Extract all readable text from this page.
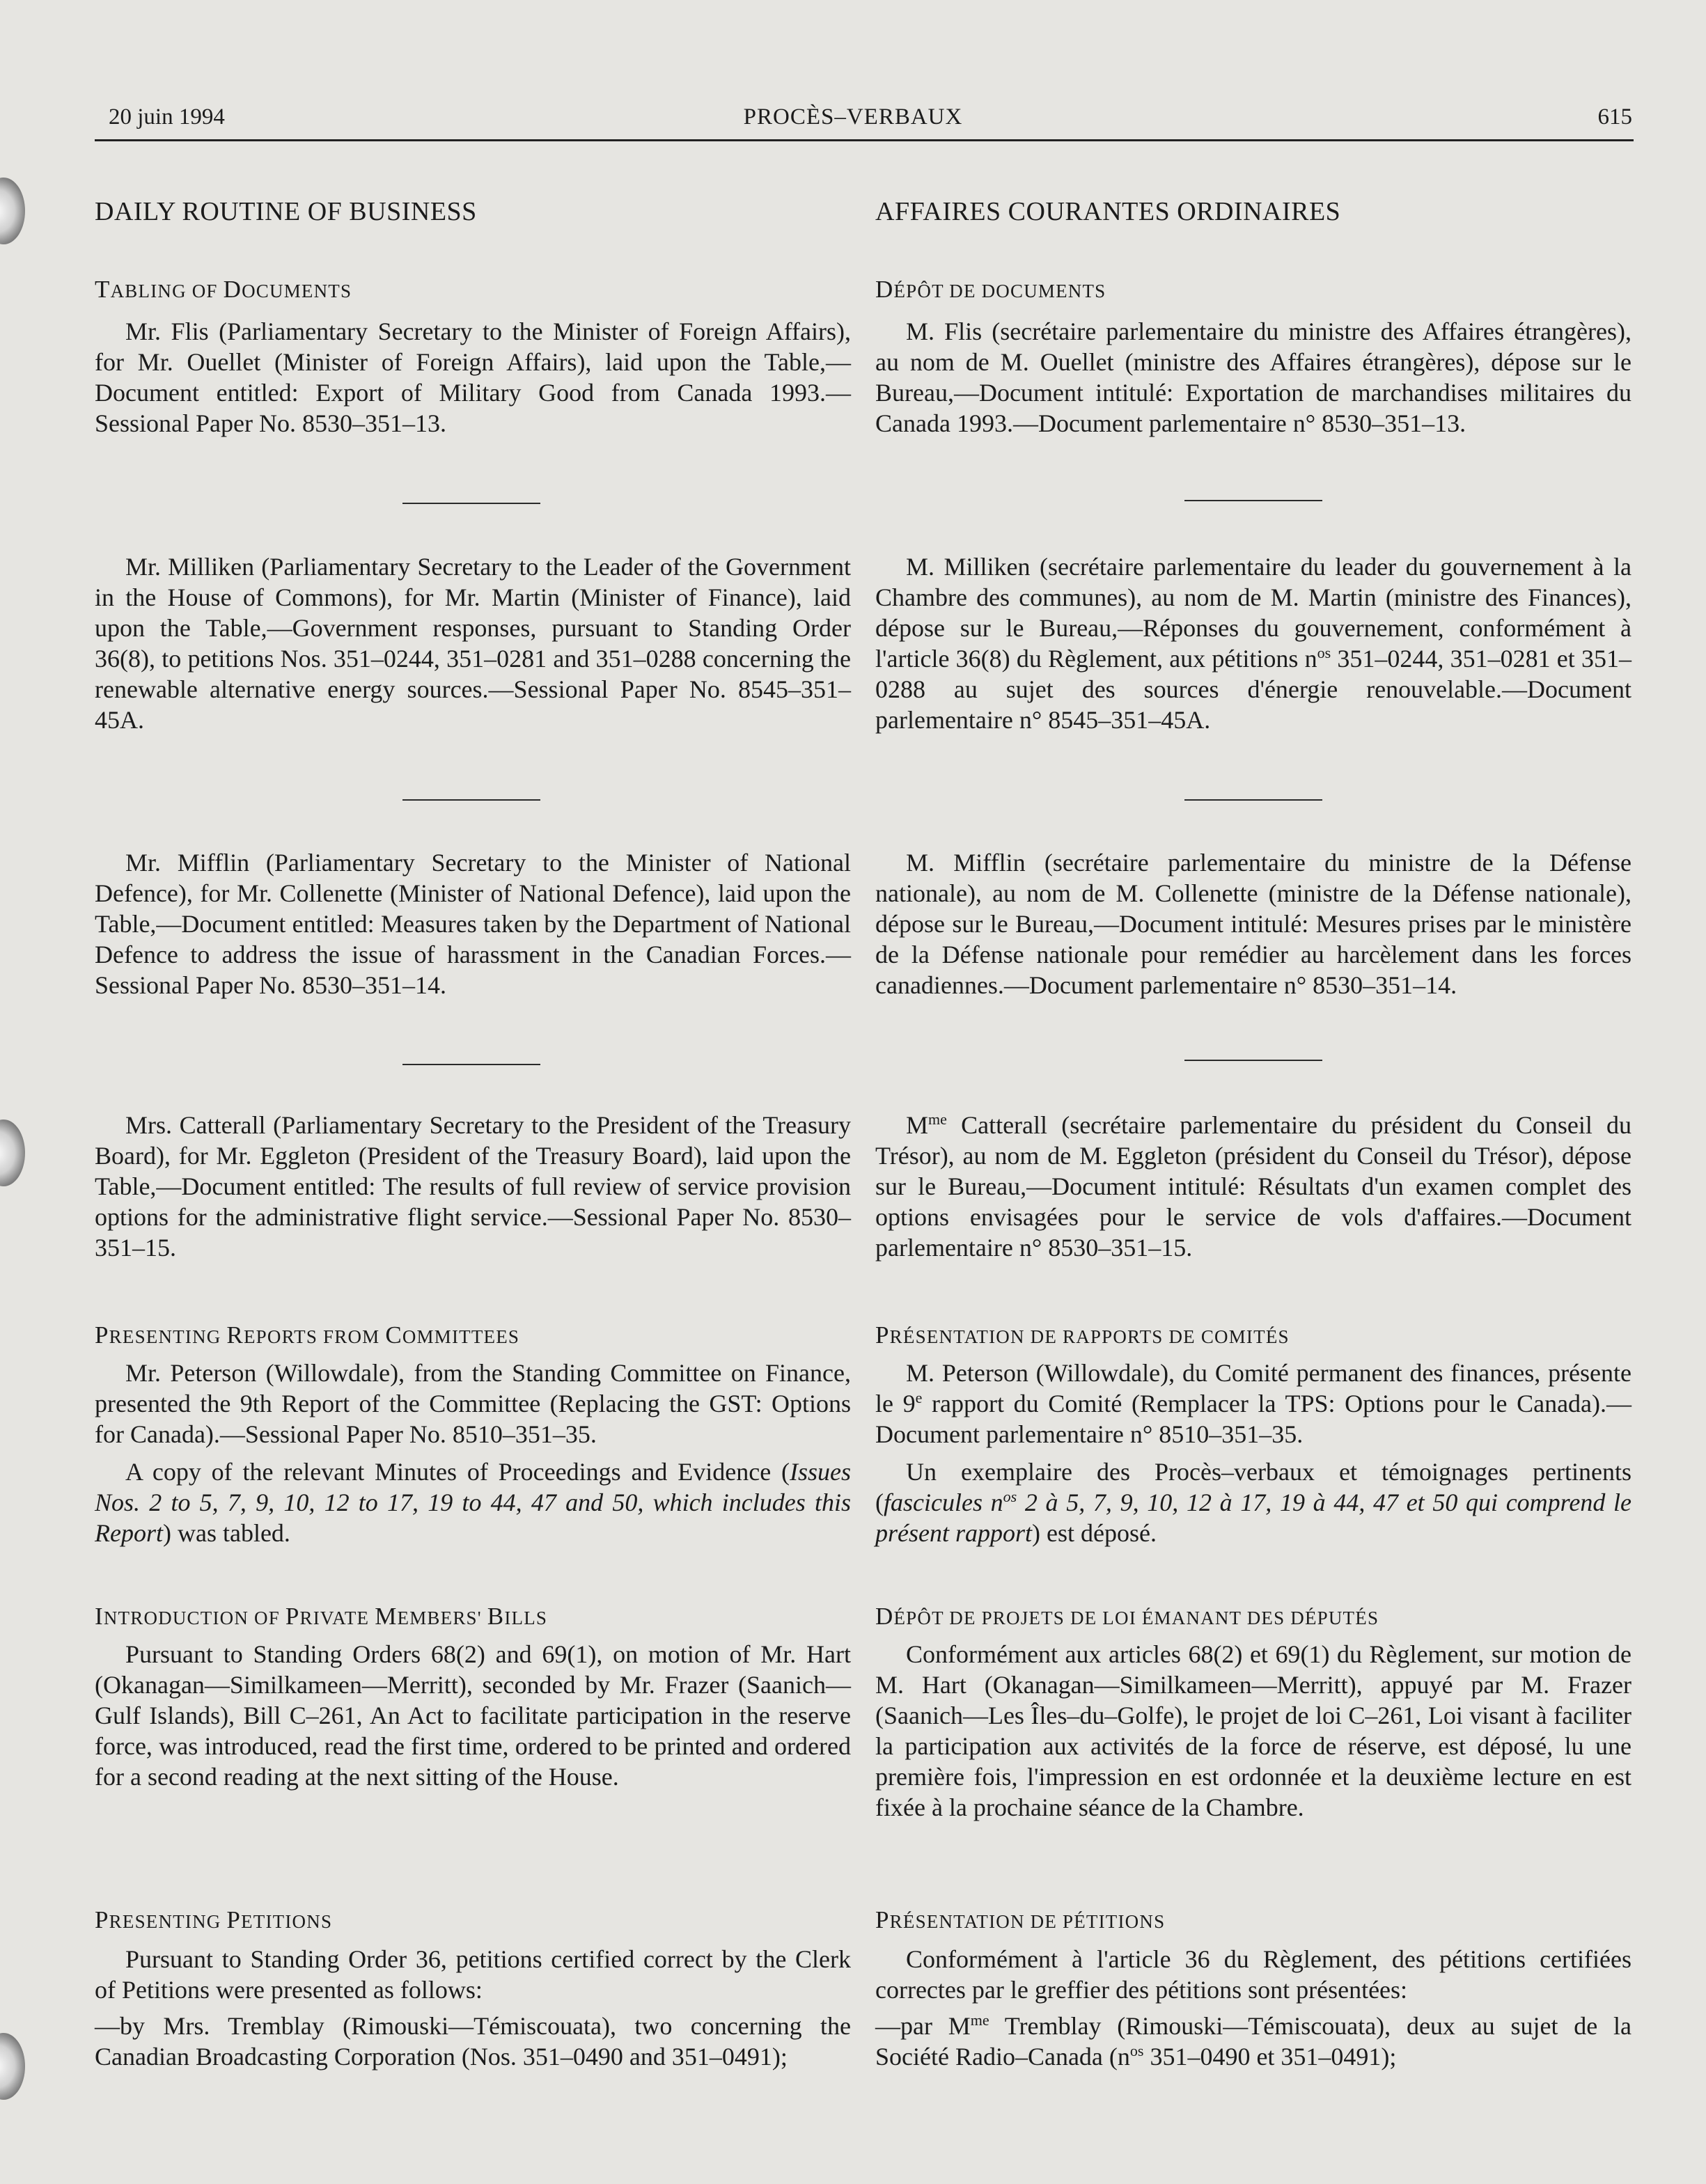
20 juin 1994	PROCÈS–VERBAUX	615
DAILY ROUTINE OF BUSINESS
TABLING OF DOCUMENTS

Mr. Flis (Parliamentary Secretary to the Minister of Foreign Affairs), for Mr. Ouellet (Minister of Foreign Affairs), laid upon the Table,—Document entitled: Export of Military Good from Canada 1993.—Sessional Paper No. 8530–351–13.

Mr. Milliken (Parliamentary Secretary to the Leader of the Government in the House of Commons), for Mr. Martin (Minister of Finance), laid upon the Table,—Government responses, pursuant to Standing Order 36(8), to petitions Nos. 351–0244, 351–0281 and 351–0288 concerning the renewable alternative energy sources.—Sessional Paper No. 8545–351–45A.

Mr. Mifflin (Parliamentary Secretary to the Minister of National Defence), for Mr. Collenette (Minister of National Defence), laid upon the Table,—Document entitled: Measures taken by the Department of National Defence to address the issue of harassment in the Canadian Forces.—Sessional Paper No. 8530–351–14.

Mrs. Catterall (Parliamentary Secretary to the President of the Treasury Board), for Mr. Eggleton (President of the Treasury Board), laid upon the Table,—Document entitled: The results of full review of service provision options for the administrative flight service.—Sessional Paper No. 8530–351–15.

PRESENTING REPORTS FROM COMMITTEES

Mr. Peterson (Willowdale), from the Standing Committee on Finance, presented the 9th Report of the Committee (Replacing the GST: Options for Canada).—Sessional Paper No. 8510–351–35.

A copy of the relevant Minutes of Proceedings and Evidence (Issues Nos. 2 to 5, 7, 9, 10, 12 to 17, 19 to 44, 47 and 50, which includes this Report) was tabled.

INTRODUCTION OF PRIVATE MEMBERS' BILLS

Pursuant to Standing Orders 68(2) and 69(1), on motion of Mr. Hart (Okanagan—Similkameen—Merritt), seconded by Mr. Frazer (Saanich—Gulf Islands), Bill C–261, An Act to facilitate participation in the reserve force, was introduced, read the first time, ordered to be printed and ordered for a second reading at the next sitting of the House.

PRESENTING PETITIONS

Pursuant to Standing Order 36, petitions certified correct by the Clerk of Petitions were presented as follows:

—by Mrs. Tremblay (Rimouski—Témiscouata), two concerning the Canadian Broadcasting Corporation (Nos. 351–0490 and 351–0491);

AFFAIRES COURANTES ORDINAIRES
DÉPÔT DE DOCUMENTS

M. Flis (secrétaire parlementaire du ministre des Affaires étrangères), au nom de M. Ouellet (ministre des Affaires étrangères), dépose sur le Bureau,—Document intitulé: Exportation de marchandises militaires du Canada 1993.—Document parlementaire n° 8530–351–13.

M. Milliken (secrétaire parlementaire du leader du gouvernement à la Chambre des communes), au nom de M. Martin (ministre des Finances), dépose sur le Bureau,—Réponses du gouvernement, conformément à l'article 36(8) du Règlement, aux pétitions $n^{os}$ 351–0244, 351–0281 et 351–0288 au sujet des sources d'énergie renouvelable.—Document parlementaire n° 8545–351–45A.

M. Mifflin (secrétaire parlementaire du ministre de la Défense nationale), au nom de M. Collenette (ministre de la Défense nationale), dépose sur le Bureau,—Document intitulé: Mesures prises par le ministère de la Défense nationale pour remédier au harcèlement dans les forces canadiennes.—Document parlementaire n° 8530–351–14.

$M^{me}$ Catterall (secrétaire parlementaire du président du Conseil du Trésor), au nom de M. Eggleton (président du Conseil du Trésor), dépose sur le Bureau,—Document intitulé: Résultats d'un examen complet des options envisagées pour le service de vols d'affaires.—Document parlementaire n° 8530–351–15.

PRÉSENTATION DE RAPPORTS DE COMITÉS

M. Peterson (Willowdale), du Comité permanent des finances, présente le 9e rapport du Comité (Remplacer la TPS: Options pour le Canada).—Document parlementaire n° 8510–351–35.

Un exemplaire des Procès–verbaux et témoignages pertinents (fascicules $n^{os}$ 2 à 5, 7, 9, 10, 12 à 17, 19 à 44, 47 et 50 qui comprend le présent rapport) est déposé.

DÉPÔT DE PROJETS DE LOI ÉMANANT DES DÉPUTÉS

Conformément aux articles 68(2) et 69(1) du Règlement, sur motion de M. Hart (Okanagan—Similkameen—Merritt), appuyé par M. Frazer (Saanich—Les Îles–du–Golfe), le projet de loi C–261, Loi visant à faciliter la participation aux activités de la force de réserve, est déposé, lu une première fois, l'impression en est ordonnée et la deuxième lecture en est fixée à la prochaine séance de la Chambre.

PRÉSENTATION DE PÉTITIONS

Conformément à l'article 36 du Règlement, des pétitions certifiées correctes par le greffier des pétitions sont présentées:

—par $M^{me}$ Tremblay (Rimouski—Témiscouata), deux au sujet de la Société Radio–Canada ($n^{os}$ 351–0490 et 351–0491);
